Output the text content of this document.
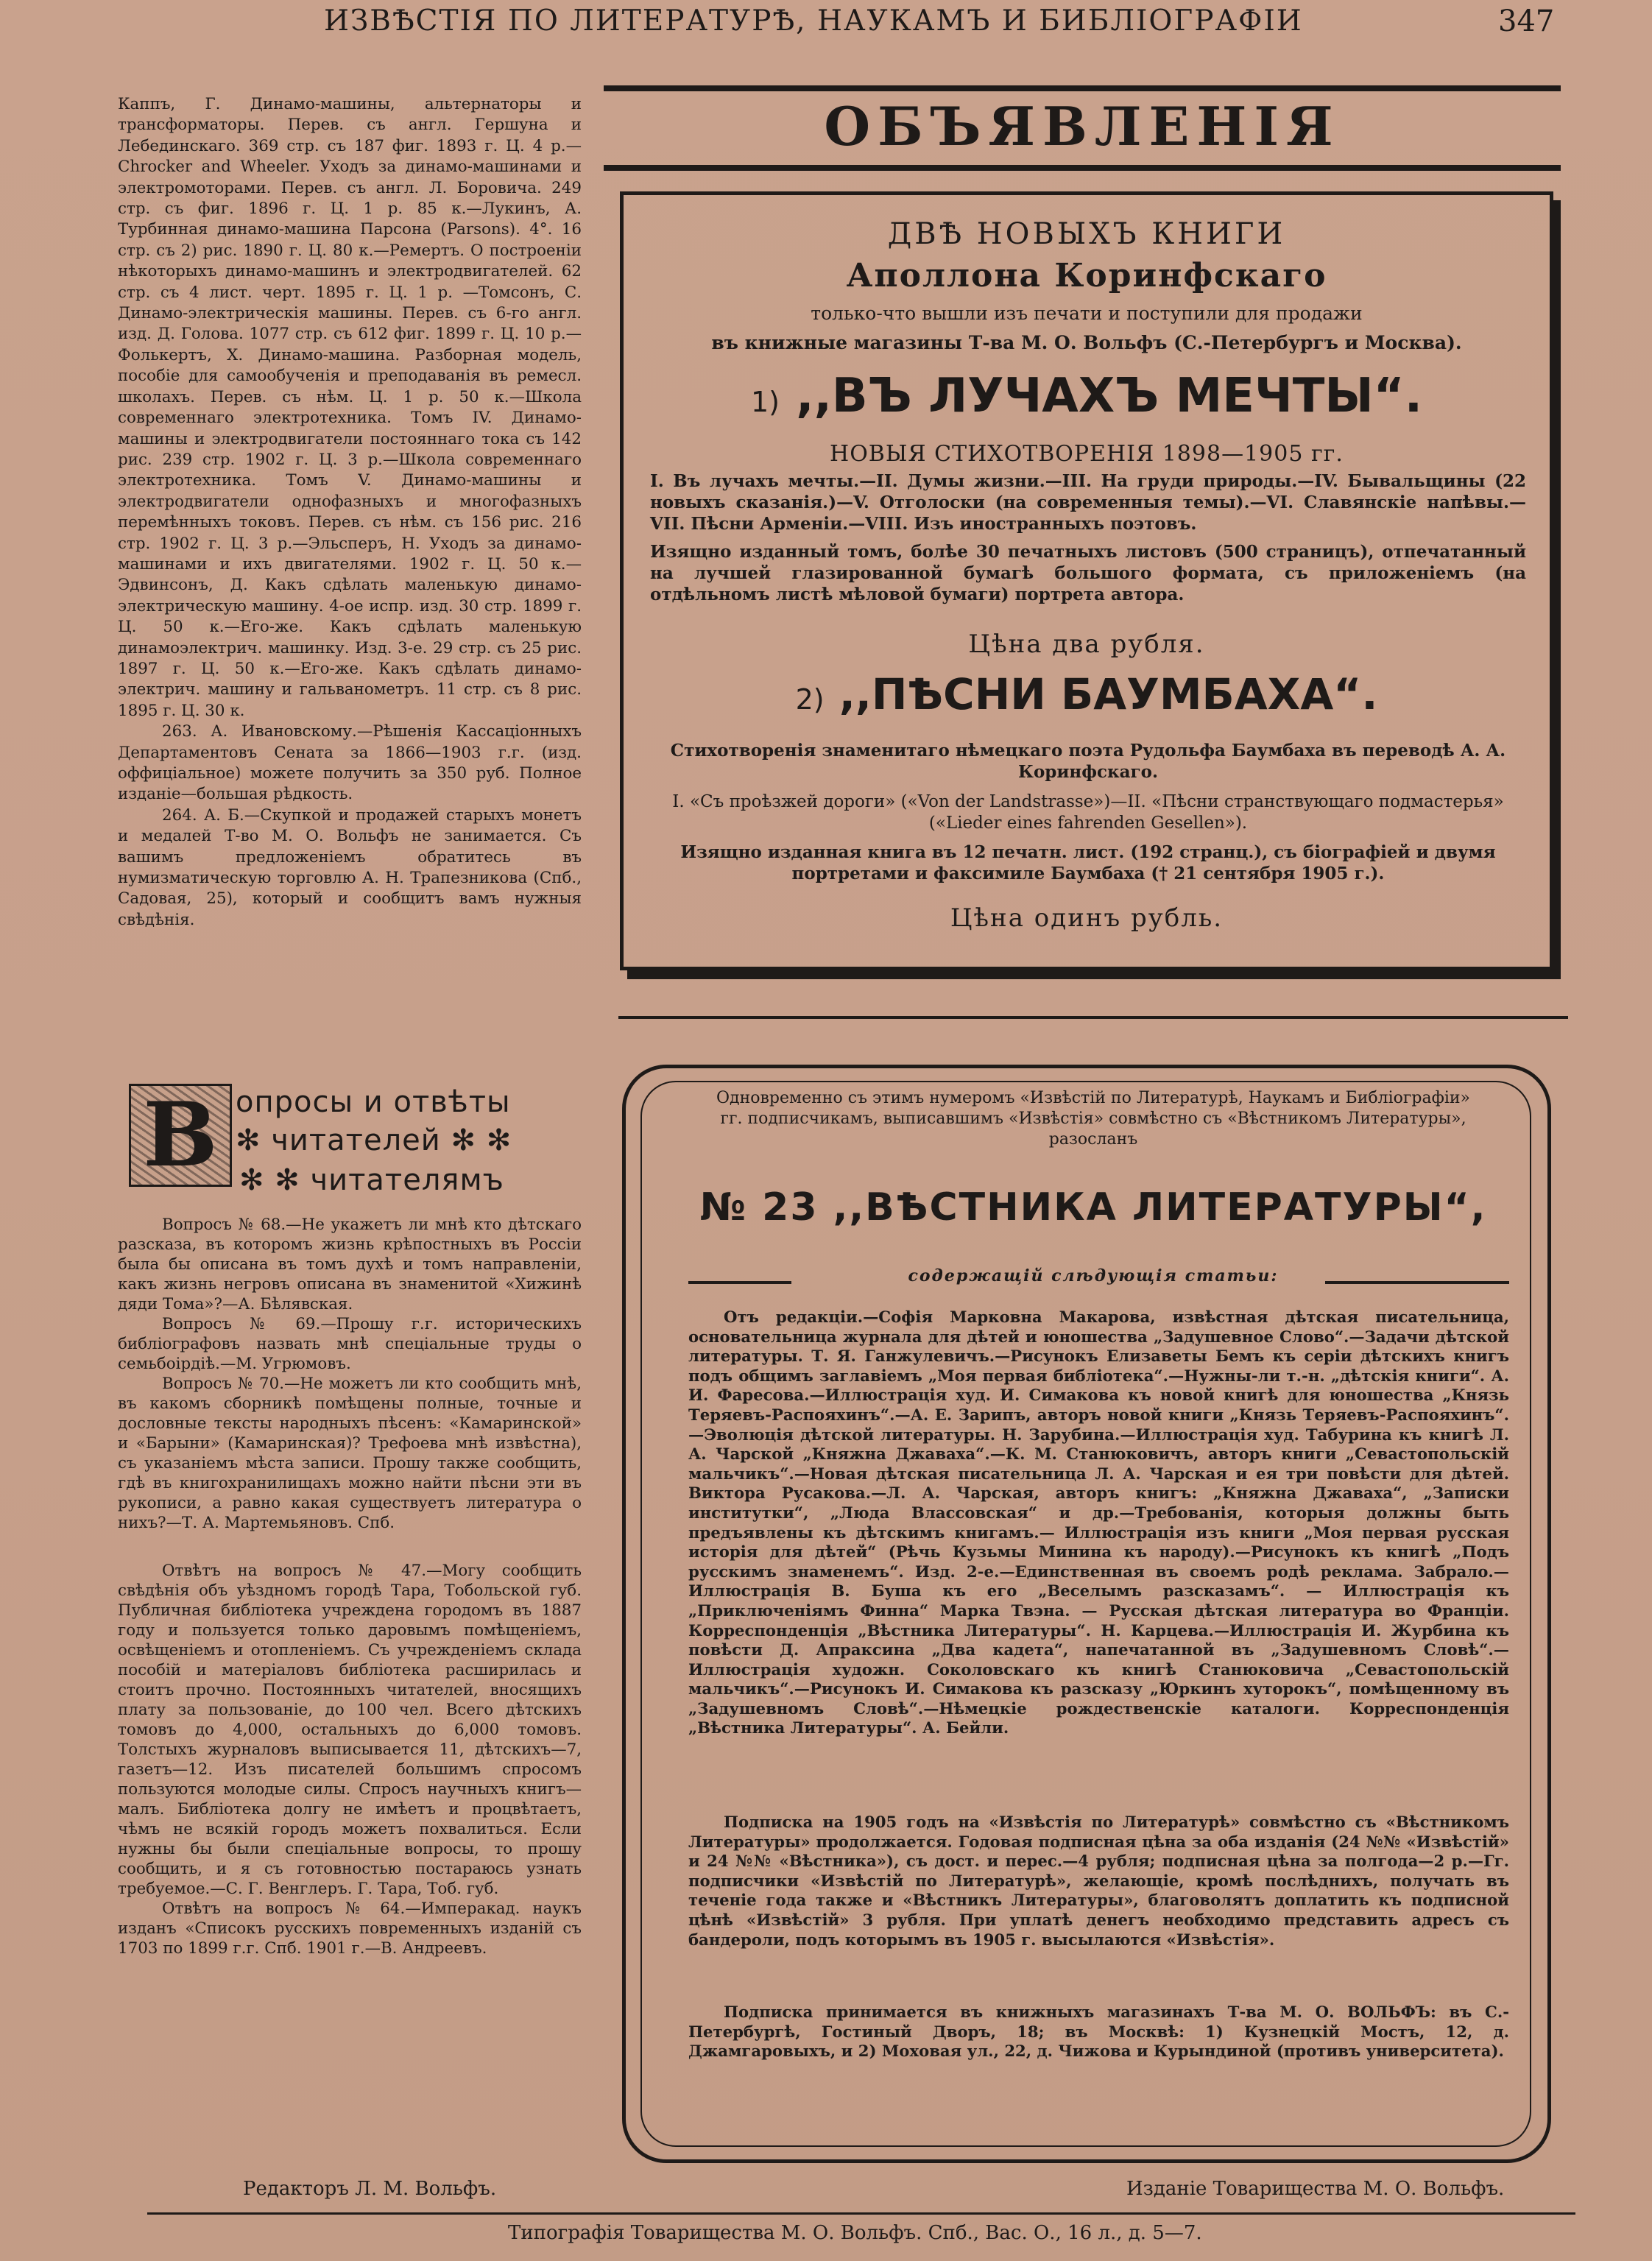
ИЗВѢСТІЯ ПО ЛИТЕРАТУРѢ, НАУКАМЪ И БИБЛІОГРАФІИ	347

Каппъ, Г. Динамо-машины, альтернаторы и трансформаторы. Перев. съ англ. Гершуна и Лебединскаго. 369 стр. съ 187 фиг. 1893 г. Ц. 4 р.—Chrocker and Wheeler. Уходъ за динамо-машинами и электромоторами. Перев. съ англ. Л. Боровича. 249 стр. съ фиг. 1896 г. Ц. 1 р. 85 к.—Лукинъ, А. Турбинная динамо-машина Парсона (Parsons). 4°. 16 стр. съ 2) рис. 1890 г. Ц. 80 к.—Ремертъ. О построеніи нѣкоторыхъ динамо-машинъ и электродвигателей. 62 стр. съ 4 лист. черт. 1895 г. Ц. 1 р. —Томсонъ, С. Динамо-электрическія машины. Перев. съ 6-го англ. изд. Д. Голова. 1077 стр. съ 612 фиг. 1899 г. Ц. 10 р.—Фолькертъ, Х. Динамо-машина. Разборная модель, пособіе для самообученія и преподаванія въ ремесл. школахъ. Перев. съ нѣм. Ц. 1 р. 50 к.—Школа современнаго электротехника. Томъ IV. Динамо-машины и электродвигатели постояннаго тока съ 142 рис. 239 стр. 1902 г. Ц. 3 р.—Школа современнаго электротехника. Томъ V. Динамо-машины и электродвигатели однофазныхъ и многофазныхъ перемѣнныхъ токовъ. Перев. съ нѣм. съ 156 рис. 216 стр. 1902 г. Ц. 3 р.—Эльсперъ, Н. Уходъ за динамо-машинами и ихъ двигателями. 1902 г. Ц. 50 к.—Эдвинсонъ, Д. Какъ сдѣлать маленькую динамо-электрическую машину. 4-ое испр. изд. 30 стр. 1899 г. Ц. 50 к.—Его-же. Какъ сдѣлать маленькую динамоэлектрич. машинку. Изд. 3-е. 29 стр. съ 25 рис. 1897 г. Ц. 50 к.—Его-же. Какъ сдѣлать динамо-электрич. машину и гальванометръ. 11 стр. съ 8 рис. 1895 г. Ц. 30 к.

263. А. Ивановскому.—Рѣшенія Кассаціонныхъ Департаментовъ Сената за 1866—1903 г.г. (изд. оффиціальное) можете получить за 350 руб. Полное изданіе—большая рѣдкость.

264. А. Б.—Скупкой и продажей старыхъ монетъ и медалей Т-во М. О. Вольфъ не занимается. Съ вашимъ предложеніемъ обратитесь въ нумизматическую торговлю А. Н. Трапезникова (Спб., Садовая, 25), который и сообщитъ вамъ нужныя свѣдѣнія.

В опросы и отвѣты
✻ читателей ✻ ✻
✻ ✻ читателямъ

Вопросъ № 68.—Не укажетъ ли мнѣ кто дѣтскаго разсказа, въ которомъ жизнь крѣпостныхъ въ Россіи была бы описана въ томъ духѣ и томъ направленіи, какъ жизнь негровъ описана въ знаменитой «Хижинѣ дяди Тома»?—А. Бѣлявская.

Вопросъ № 69.—Прошу г.г. историческихъ библіографовъ назвать мнѣ спеціальные труды о семьбоірдіѣ.—М. Угрюмовъ.

Вопросъ № 70.—Не можетъ ли кто сообщить мнѣ, въ какомъ сборникѣ помѣщены полные, точные и дословные тексты народныхъ пѣсенъ: «Камаринской» и «Барыни» (Камаринская)? Трефоева мнѣ извѣстна), съ указаніемъ мѣста записи. Прошу также сообщить, гдѣ въ книгохранилищахъ можно найти пѣсни эти въ рукописи, а равно какая существуетъ литература о нихъ?—Т. А. Мартемьяновъ. Спб.

Отвѣтъ на вопросъ № 47.—Могу сообщить свѣдѣнія объ уѣздномъ городѣ Тара, Тобольской губ. Публичная библіотека учреждена городомъ въ 1887 году и пользуется только даровымъ помѣщеніемъ, освѣщеніемъ и отопленіемъ. Съ учрежденіемъ склада пособій и матеріаловъ библіотека расширилась и стоитъ прочно. Постоянныхъ читателей, вносящихъ плату за пользованіе, до 100 чел. Всего дѣтскихъ томовъ до 4,000, остальныхъ до 6,000 томовъ. Толстыхъ журналовъ выписывается 11, дѣтскихъ—7, газетъ—12. Изъ писателей большимъ спросомъ пользуются молодые силы. Спросъ научныхъ книгъ—малъ. Библіотека долгу не имѣетъ и процвѣтаетъ, чѣмъ не всякій городъ можетъ похвалиться. Если нужны бы были спеціальные вопросы, то прошу сообщить, и я съ готовностью постараюсь узнать требуемое.—С. Г. Венглеръ. Г. Тара, Тоб. губ.

Отвѣтъ на вопросъ № 64.—Имперакад. наукъ изданъ «Списокъ русскихъ повременныхъ изданій съ 1703 по 1899 г.г. Спб. 1901 г.—В. Андреевъ.

ОБЪЯВЛЕНІЯ
ДВѢ НОВЫХЪ КНИГИ
Аполлона Коринфскаго
только-что вышли изъ печати и поступили для продажи
въ книжные магазины Т-ва М. О. Вольфъ (С.-Петербургъ и Москва).
1) ,,ВЪ ЛУЧАХЪ МЕЧТЫ“.
НОВЫЯ СТИХОТВОРЕНІЯ 1898—1905 гг.
I. Въ лучахъ мечты.—II. Думы жизни.—III. На груди природы.—IV. Бывальщины (22 новыхъ сказанія.)—V. Отголоски (на современныя темы).—VI. Славянскіе напѣвы.—VII. Пѣсни Арменіи.—VIII. Изъ иностранныхъ поэтовъ.
Изящно изданный томъ, болѣе 30 печатныхъ листовъ (500 страницъ), отпечатанный на лучшей глазированной бумагѣ большого формата, съ приложеніемъ (на отдѣльномъ листѣ мѣловой бумаги) портрета автора.
Цѣна два рубля.
2) ,,ПѢСНИ БАУМБАХА“.
Стихотворенія знаменитаго нѣмецкаго поэта Рудольфа Баумбаха въ переводѣ А. А. Коринфскаго.
I. «Съ проѣзжей дороги» («Von der Landstrasse»)—II. «Пѣсни странствующаго подмастерья» («Lieder eines fahrenden Gesellen»).
Изящно изданная книга въ 12 печатн. лист. (192 странц.), съ біографіей и двумя портретами и факсимиле Баумбаха († 21 сентября 1905 г.).
Цѣна одинъ рубль.
Одновременно съ этимъ нумеромъ «Извѣстій по Литературѣ, Наукамъ и Библіографіи» гг. подписчикамъ, выписавшимъ «Извѣстія» совмѣстно съ «Вѣстникомъ Литературы», разосланъ
№ 23 ,,ВѢСТНИКА ЛИТЕРАТУРЫ“,
содержащій слѣдующія статьи:

Отъ редакціи.—Софія Марковна Макарова, извѣстная дѣтская писательница, основательница журнала для дѣтей и юношества „Задушевное Слово“.—Задачи дѣтской литературы. Т. Я. Ганжулевичъ.—Рисунокъ Елизаветы Бемъ къ серіи дѣтскихъ книгъ подъ общимъ заглавіемъ „Моя первая библіотека“.—Нужны-ли т.-н. „дѣтскія книги“. А. И. Фаресова.—Иллюстрація худ. И. Симакова къ новой книгѣ для юношества „Князь Теряевъ-Распояхинъ“.—А. Е. Зарипъ, авторъ новой книги „Князь Теряевъ-Распояхинъ“.—Эволюція дѣтской литературы. Н. Зарубина.—Иллюстрація худ. Табурина къ книгѣ Л. А. Чарской „Княжна Джаваха“.—К. М. Станюковичъ, авторъ книги „Севастопольскій мальчикъ“.—Новая дѣтская писательница Л. А. Чарская и ея три повѣсти для дѣтей. Виктора Русакова.—Л. А. Чарская, авторъ книгъ: „Княжна Джаваха“, „Записки институтки“, „Люда Влассовская“ и др.—Требованія, которыя должны быть предъявлены къ дѣтскимъ книгамъ.— Иллюстрація изъ книги „Моя первая русская исторія для дѣтей“ (Рѣчь Кузьмы Минина къ народу).—Рисунокъ къ книгѣ „Подъ русскимъ знаменемъ“. Изд. 2-е.—Единственная въ своемъ родѣ реклама. Забрало.—Иллюстрація В. Буша къ его „Веселымъ разсказамъ“. — Иллюстрація къ „Приключеніямъ Финна“ Марка Твэна. — Русская дѣтская литература во Франціи. Корреспонденція „Вѣстника Литературы“. Н. Карцева.—Иллюстрація И. Журбина къ повѣсти Д. Апраксина „Два кадета“, напечатанной въ „Задушевномъ Словѣ“.—Иллюстрація художн. Соколовскаго къ книгѣ Станюковича „Севастопольскій мальчикъ“.—Рисунокъ И. Симакова къ разсказу „Юркинъ хуторокъ“, помѣщенному въ „Задушевномъ Словѣ“.—Нѣмецкіе рождественскіе каталоги. Корреспонденція „Вѣстника Литературы“. А. Бейли.

Подписка на 1905 годъ на «Извѣстія по Литературѣ» совмѣстно съ «Вѣстникомъ Литературы» продолжается. Годовая подписная цѣна за оба изданія (24 №№ «Извѣстій» и 24 №№ «Вѣстника»), съ дост. и перес.—4 рубля; подписная цѣна за полгода—2 р.—Гг. подписчики «Извѣстій по Литературѣ», желающіе, кромѣ послѣднихъ, получать въ теченіе года также и «Вѣстникъ Литературы», благоволятъ доплатить къ подписной цѣнѣ «Извѣстій» 3 рубля. При уплатѣ денегъ необходимо представить адресъ съ бандероли, подъ которымъ въ 1905 г. высылаются «Извѣстія».

Подписка принимается въ книжныхъ магазинахъ Т-ва М. О. ВОЛЬФЪ: въ С.-Петербургѣ, Гостиный Дворъ, 18; въ Москвѣ: 1) Кузнецкій Мостъ, 12, д. Джамгаровыхъ, и 2) Моховая ул., 22, д. Чижова и Курындиной (противъ университета).

Редакторъ Л. М. Вольфъ.	Изданіе Товарищества М. О. Вольфъ.
Типографія Товарищества М. О. Вольфъ. Спб., Вас. О., 16 л., д. 5—7.
